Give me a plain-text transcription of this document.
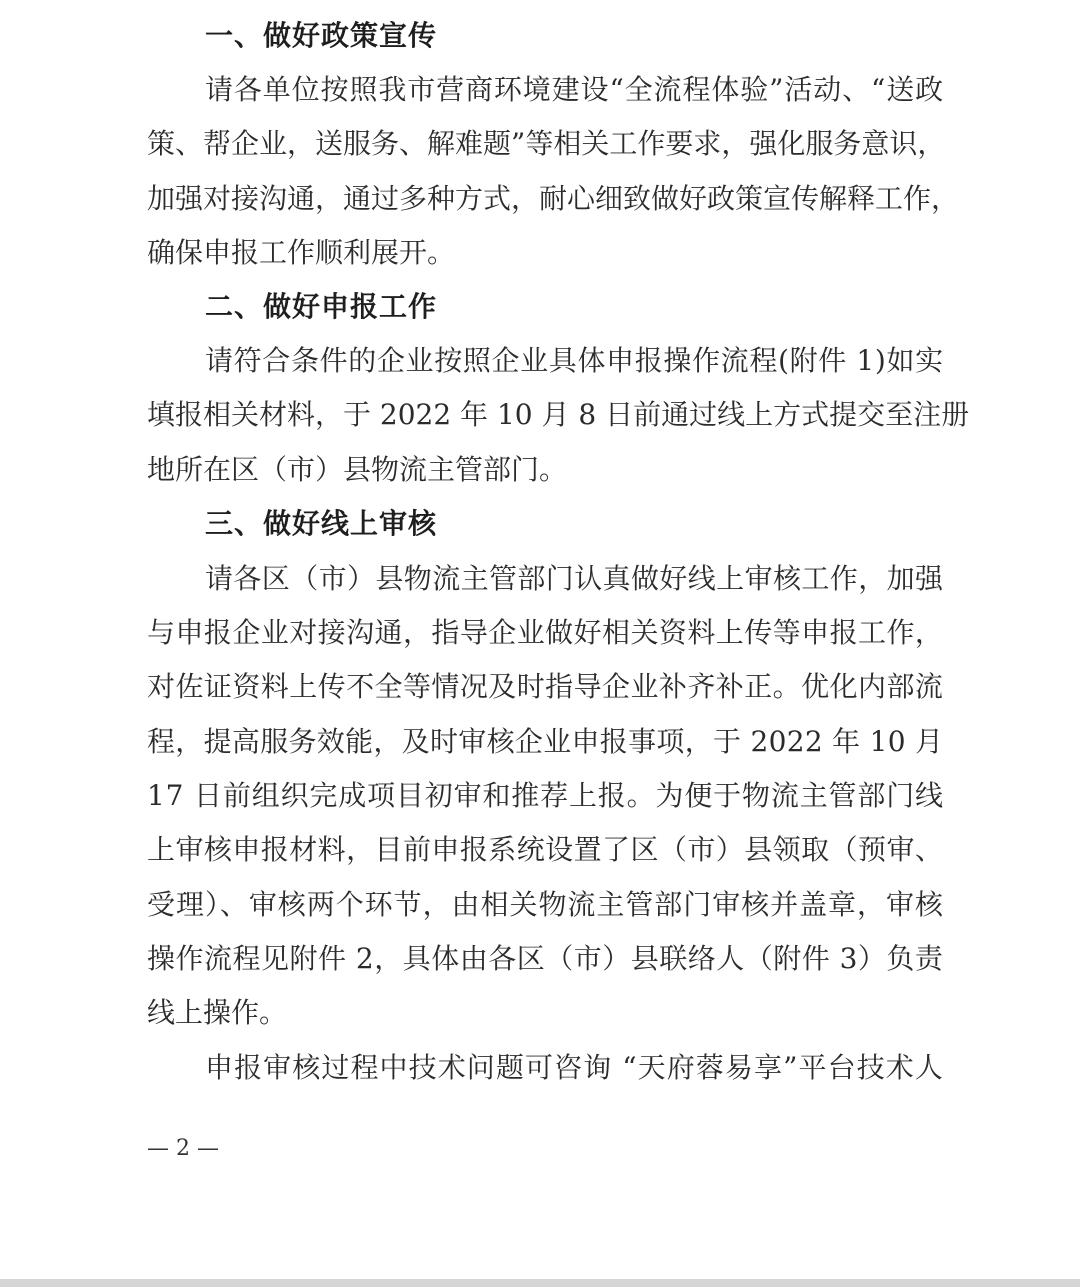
一、做好政策宣传
请各单位按照我市营商环境建设“全流程体验”活动、“送政
策、帮企业，送服务、解难题”等相关工作要求，强化服务意识，
加强对接沟通，通过多种方式，耐心细致做好政策宣传解释工作，
确保申报工作顺利展开。
二、做好申报工作
请符合条件的企业按照企业具体申报操作流程(附件 1)如实
填报相关材料，于 2022 年 10 月 8 日前通过线上方式提交至注册
地所在区（市）县物流主管部门。
三、做好线上审核
请各区（市）县物流主管部门认真做好线上审核工作，加强
与申报企业对接沟通，指导企业做好相关资料上传等申报工作，
对佐证资料上传不全等情况及时指导企业补齐补正。优化内部流
程，提高服务效能，及时审核企业申报事项，于 2022 年 10 月
17 日前组织完成项目初审和推荐上报。为便于物流主管部门线
上审核申报材料，目前申报系统设置了区（市）县领取（预审、
受理）、审核两个环节，由相关物流主管部门审核并盖章，审核
操作流程见附件 2，具体由各区（市）县联络人（附件 3）负责
线上操作。
申报审核过程中技术问题可咨询 “天府蓉易享”平台技术人
— 2 —
